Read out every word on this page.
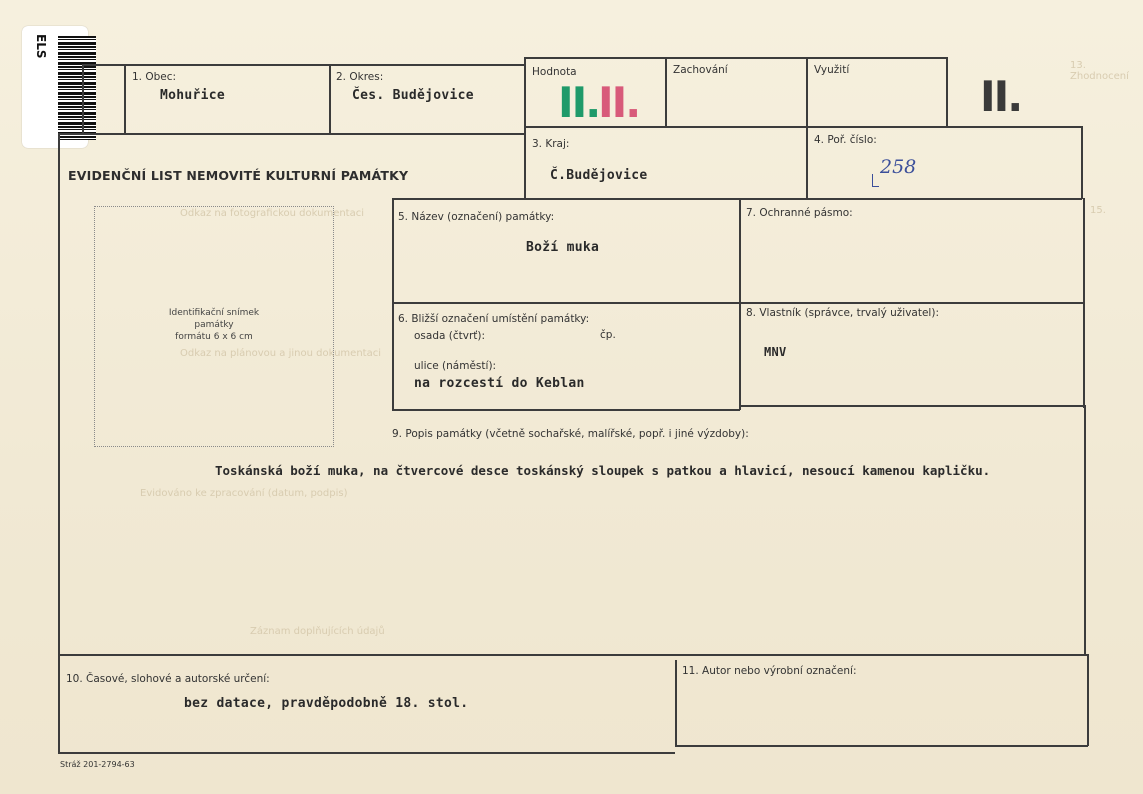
Odkaz na fotografickou dokumentaci
Odkaz na plánovou a jinou dokumentaci
Evidováno ke zpracování (datum, podpis)
Záznam doplňujících údajů
13. Zhodnocení
15.
ELS
1. Obec:
Mohuřice
2. Okres:
Čes. Budějovice
Hodnota
II.
II.
Zachování	Využití
II.
EVIDENČNÍ LIST NEMOVITÉ KULTURNÍ PAMÁTKY
3. Kraj:
Č.Budějovice
4. Poř. číslo:
258
Identifikační snímek
památky
formátu 6 x 6 cm
5. Název (označení) památky:
Boží muka
7. Ochranné pásmo:
6. Bližší označení umístění památky:
osada (čtvrť):	čp.
ulice (náměstí):
na rozcestí do Keblan
8. Vlastník (správce, trvalý uživatel):
MNV
9. Popis památky (včetně sochařské, malířské, popř. i jiné výzdoby):
Toskánská boží muka, na čtvercové desce toskánský sloupek s patkou a hlavicí, nesoucí kamenou kapličku.
10. Časové, slohové a autorské určení:
bez datace, pravděpodobně 18. stol.
11. Autor nebo výrobní označení:
Stráž 201-2794-63
